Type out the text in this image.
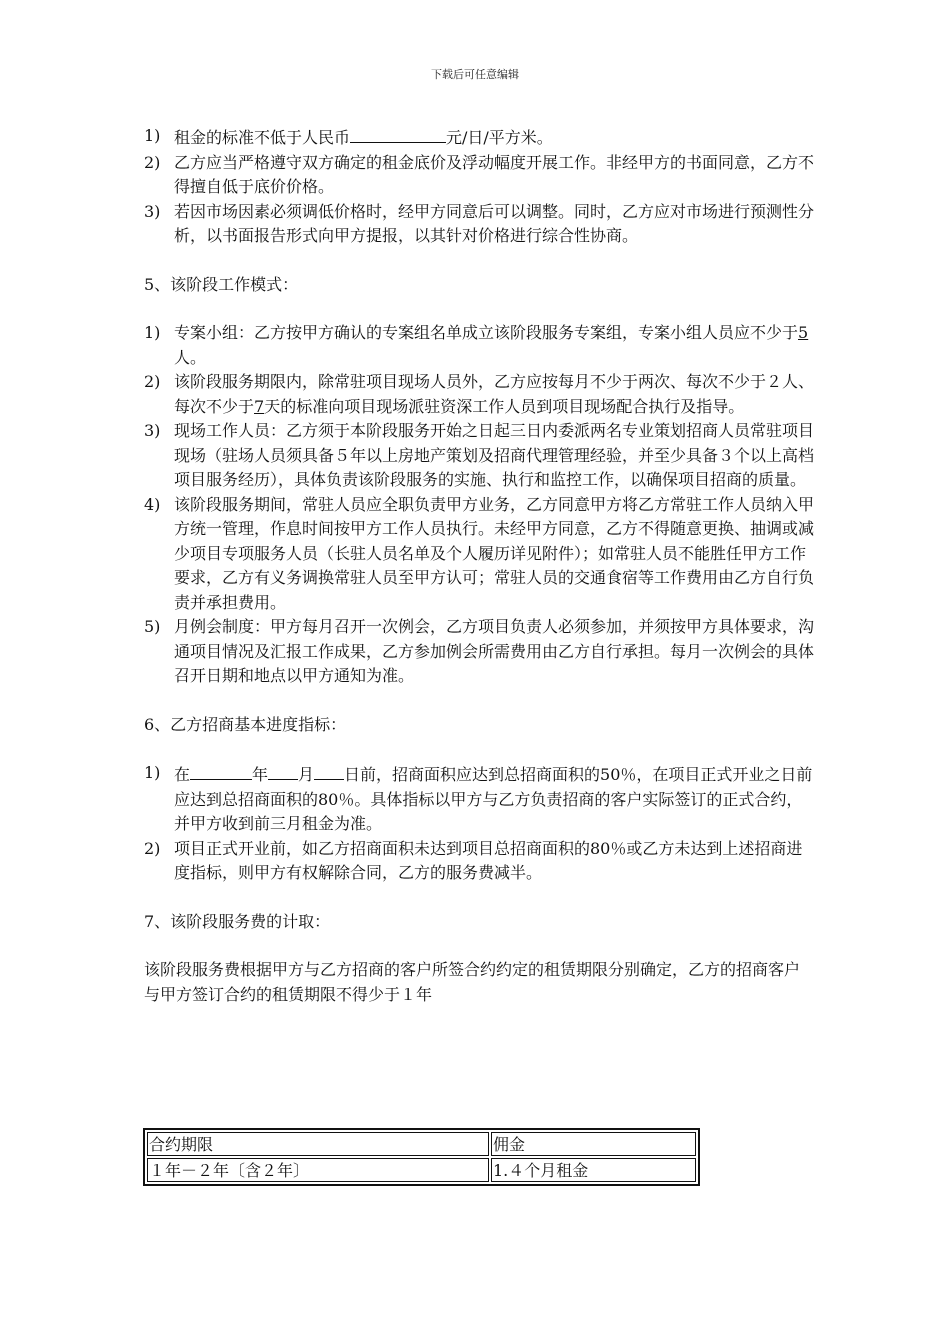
下载后可任意编辑
1) 租金的标准不低于人民币	元/日/平方米。
2) 乙方应当严格遵守双方确定的租金底价及浮动幅度开展工作。非经甲方的书面同意，乙方不得擅自低于底价价格。
3) 若因市场因素必须调低价格时，经甲方同意后可以调整。同时，乙方应对市场进行预测性分析，以书面报告形式向甲方提报，以其针对价格进行综合性协商。
5、该阶段工作模式：
1) 专案小组：乙方按甲方确认的专案组名单成立该阶段服务专案组，专案小组人员应不少于5人。
2) 该阶段服务期限内，除常驻项目现场人员外，乙方应按每月不少于两次、每次不少于２人、每次不少于7天的标准向项目现场派驻资深工作人员到项目现场配合执行及指导。
3) 现场工作人员：乙方须于本阶段服务开始之日起三日内委派两名专业策划招商人员常驻项目现场（驻场人员须具备５年以上房地产策划及招商代理管理经验，并至少具备３个以上高档项目服务经历），具体负责该阶段服务的实施、执行和监控工作，以确保项目招商的质量。
4) 该阶段服务期间，常驻人员应全职负责甲方业务，乙方同意甲方将乙方常驻工作人员纳入甲方统一管理，作息时间按甲方工作人员执行。未经甲方同意，乙方不得随意更换、抽调或减少项目专项服务人员（长驻人员名单及个人履历详见附件）；如常驻人员不能胜任甲方工作要求，乙方有义务调换常驻人员至甲方认可；常驻人员的交通食宿等工作费用由乙方自行负责并承担费用。
5) 月例会制度：甲方每月召开一次例会，乙方项目负责人必须参加，并须按甲方具体要求，沟通项目情况及汇报工作成果，乙方参加例会所需费用由乙方自行承担。每月一次例会的具体召开日期和地点以甲方通知为准。
6、乙方招商基本进度指标：
1) 在	年 月 日前，招商面积应达到总招商面积的50％，在项目正式开业之日前应达到总招商面积的80％。具体指标以甲方与乙方负责招商的客户实际签订的正式合约，并甲方收到前三月租金为准。
2) 项目正式开业前，如乙方招商面积未达到项目总招商面积的80％或乙方未达到上述招商进度指标，则甲方有权解除合同，乙方的服务费减半。
7、该阶段服务费的计取：
该阶段服务费根据甲方与乙方招商的客户所签合约约定的租赁期限分别确定，乙方的招商客户与甲方签订合约的租赁期限不得少于１年
合约期限	佣金
１年－２年〔含２年〕	1.４个月租金
